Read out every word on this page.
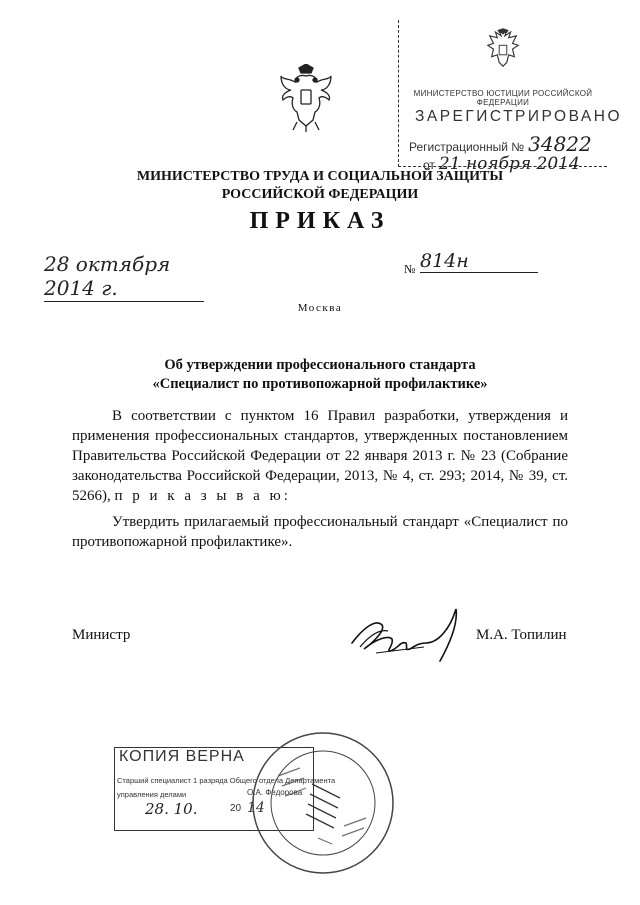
МИНИСТЕРСТВО ЮСТИЦИИ РОССИЙСКОЙ ФЕДЕРАЦИИ
ЗАРЕГИСТРИРОВАНО
Регистрационный № 34822
от 21 ноября 2014
МИНИСТЕРСТВО ТРУДА И СОЦИАЛЬНОЙ ЗАЩИТЫ
РОССИЙСКОЙ ФЕДЕРАЦИИ
ПРИКАЗ
28 октября 2014 г.
№ 814н
Москва
Об утверждении профессионального стандарта
«Специалист по противопожарной профилактике»

В соответствии с пунктом 16 Правил разработки, утверждения и применения профессиональных стандартов, утвержденных постановлением Правительства Российской Федерации от 22 января 2013 г. № 23 (Собрание законодательства Российской Федерации, 2013, № 4, ст. 293; 2014, № 39, ст. 5266), п р и к а з ы в а ю:

Утвердить прилагаемый профессиональный стандарт «Специалист по противопожарной профилактике».

Министр	М.А. Топилин
КОПИЯ ВЕРНА
Старший специалист 1 разряда Общего отдела Департамента
управления делами	О.А. Федорова
28. 10.	20 14
